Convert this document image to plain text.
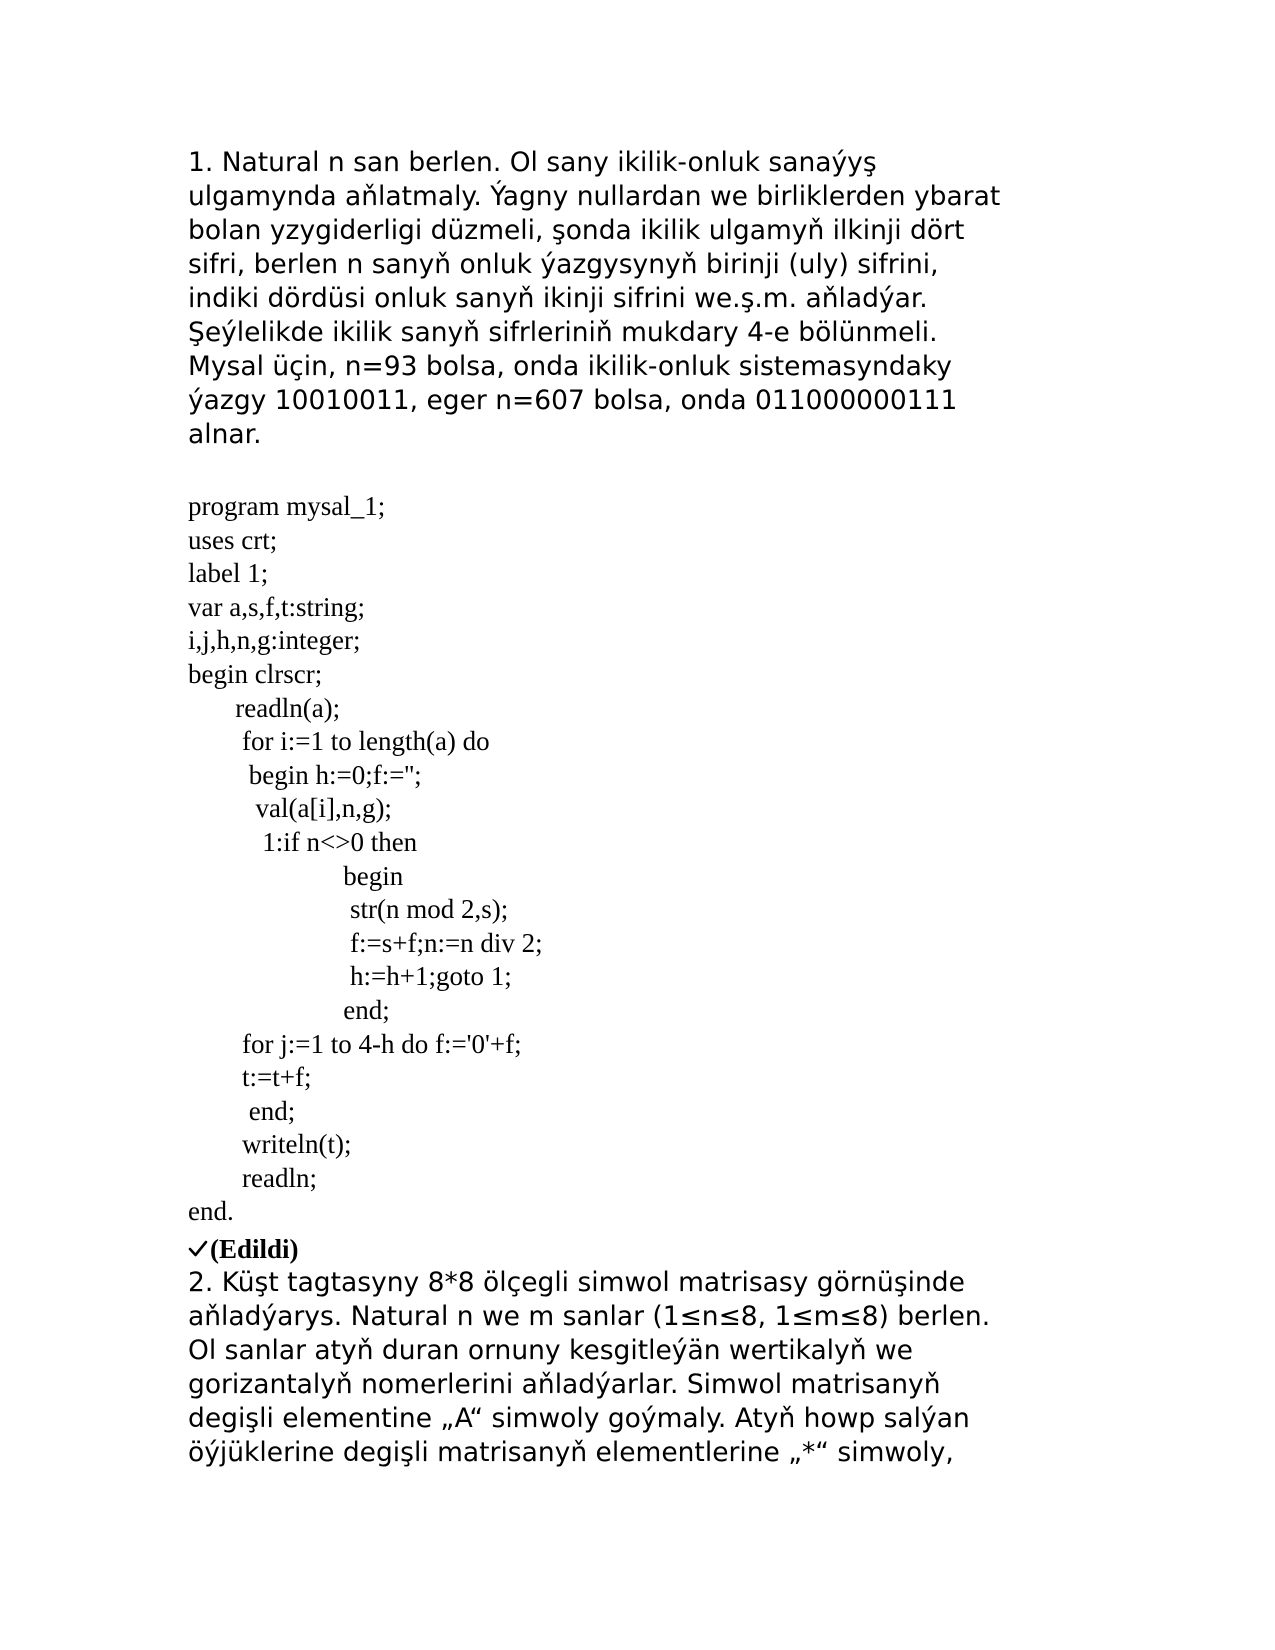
1. Natural n san berlen. Ol sany ikilik-onluk sanaýyş
ulgamynda aňlatmaly. Ýagny nullardan we birliklerden ybarat
bolan yzygiderligi düzmeli, şonda ikilik ulgamyň ilkinji dört
sifri, berlen n sanyň onluk ýazgysynyň birinji (uly) sifrini,
indiki dördüsi onluk sanyň ikinji sifrini we.ş.m. aňladýar.
Şeýlelikde ikilik sanyň sifrleriniň mukdary 4-e bölünmeli.
Mysal üçin, n=93 bolsa, onda ikilik-onluk sistemasyndaky
ýazgy 10010011, eger n=607 bolsa, onda 011000000111
alnar.
program mysal_1;
uses crt;
label 1;
var a,s,f,t:string;
i,j,h,n,g:integer;
begin clrscr;
readln(a);
for i:=1 to length(a) do
begin h:=0;f:='';
val(a[i],n,g);
1:if n<>0 then
begin
str(n mod 2,s);
f:=s+f;n:=n div 2;
h:=h+1;goto 1;
end;
for j:=1 to 4-h do f:='0'+f;
t:=t+f;
end;
writeln(t);
readln;
end.
(Edildi)
2. Küşt tagtasyny 8*8 ölçegli simwol matrisasy görnüşinde
aňladýarys. Natural n we m sanlar (1≤n≤8, 1≤m≤8) berlen.
Ol sanlar atyň duran ornuny kesgitleýän wertikalyň we
gorizantalyň nomerlerini aňladýarlar. Simwol matrisanyň
degişli elementine „A“ simwoly goýmaly. Atyň howp salýan
öýjüklerine degişli matrisanyň elementlerine „*“ simwoly,
